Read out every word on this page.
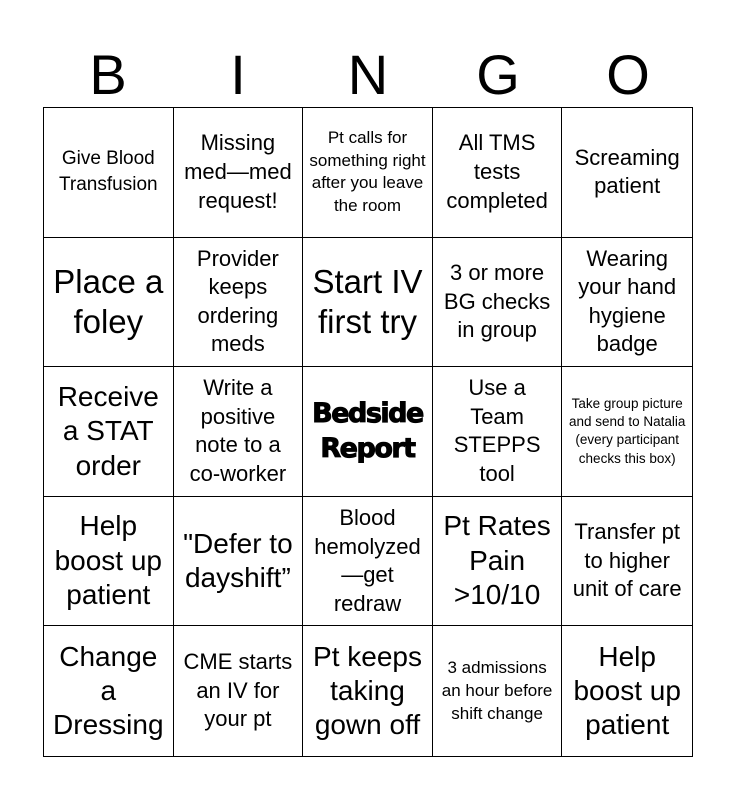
B	I	N	G	O
Give Blood Transfusion
Missing med—med request!
Pt calls for something right after you leave the room
All TMS tests completed
Screaming patient
Place a foley
Provider keeps ordering meds
Start IV first try
3 or more BG checks in group
Wearing your hand hygiene badge
Receive a STAT order
Write a positive note to a co-worker
Bedside Report
Use a Team STEPPS tool
Take group picture and send to Natalia (every participant checks this box)
Help boost up patient
"Defer to dayshift”
Blood hemolyzed—get redraw
Pt Rates Pain >10/10
Transfer pt to higher unit of care
Change a Dressing
CME starts an IV for your pt
Pt keeps taking gown off
3 admissions an hour before shift change
Help boost up patient
